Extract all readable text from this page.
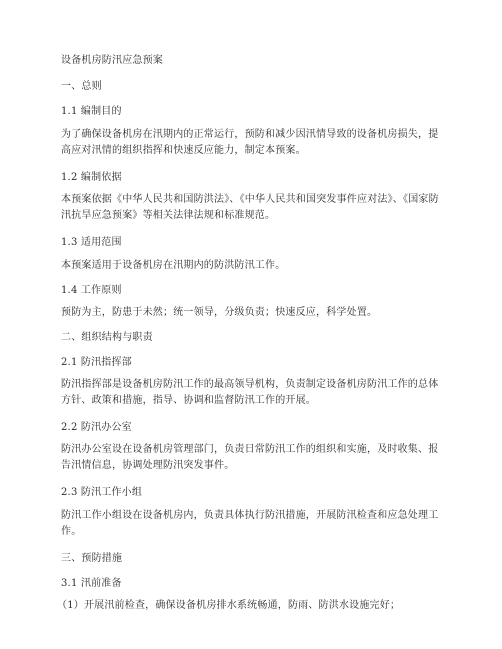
设备机房防汛应急预案
一、总则
1.1 编制目的
为了确保设备机房在汛期内的正常运行，预防和减少因汛情导致的设备机房损失，提高应对汛情的组织指挥和快速反应能力，制定本预案。
1.2 编制依据
本预案依据《中华人民共和国防洪法》、《中华人民共和国突发事件应对法》、《国家防汛抗旱应急预案》等相关法律法规和标准规范。
1.3 适用范围
本预案适用于设备机房在汛期内的防洪防汛工作。
1.4 工作原则
预防为主，防患于未然；统一领导，分级负责；快速反应，科学处置。
二、组织结构与职责
2.1 防汛指挥部
防汛指挥部是设备机房防汛工作的最高领导机构，负责制定设备机房防汛工作的总体方针、政策和措施，指导、协调和监督防汛工作的开展。
2.2 防汛办公室
防汛办公室设在设备机房管理部门，负责日常防汛工作的组织和实施，及时收集、报告汛情信息，协调处理防汛突发事件。
2.3 防汛工作小组
防汛工作小组设在设备机房内，负责具体执行防汛措施，开展防汛检查和应急处理工作。
三、预防措施
3.1 汛前准备
（1）开展汛前检查，确保设备机房排水系统畅通，防雨、防洪水设施完好；
